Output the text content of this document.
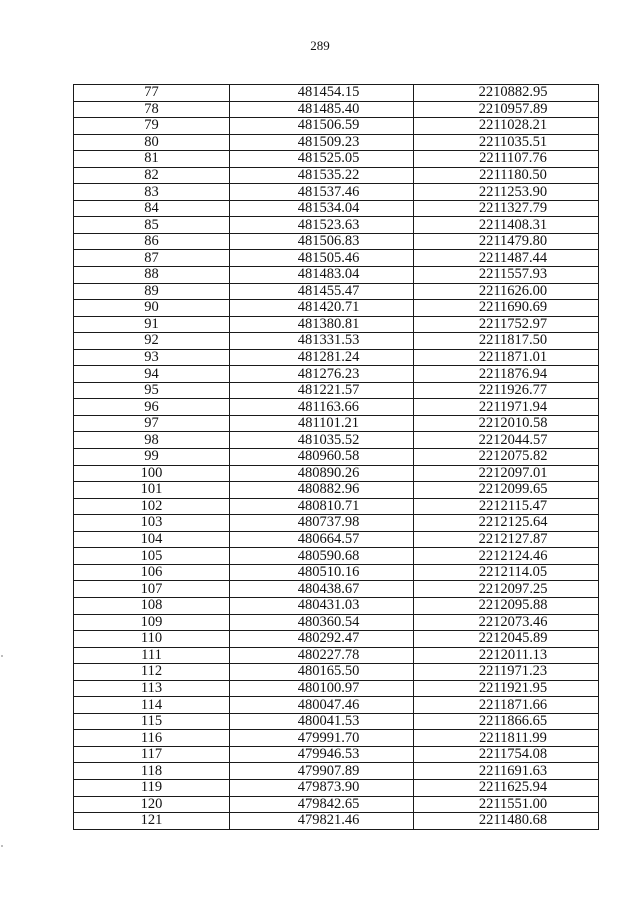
289
77	481454.15	2210882.95
78	481485.40	2210957.89
79	481506.59	2211028.21
80	481509.23	2211035.51
81	481525.05	2211107.76
82	481535.22	2211180.50
83	481537.46	2211253.90
84	481534.04	2211327.79
85	481523.63	2211408.31
86	481506.83	2211479.80
87	481505.46	2211487.44
88	481483.04	2211557.93
89	481455.47	2211626.00
90	481420.71	2211690.69
91	481380.81	2211752.97
92	481331.53	2211817.50
93	481281.24	2211871.01
94	481276.23	2211876.94
95	481221.57	2211926.77
96	481163.66	2211971.94
97	481101.21	2212010.58
98	481035.52	2212044.57
99	480960.58	2212075.82
100	480890.26	2212097.01
101	480882.96	2212099.65
102	480810.71	2212115.47
103	480737.98	2212125.64
104	480664.57	2212127.87
105	480590.68	2212124.46
106	480510.16	2212114.05
107	480438.67	2212097.25
108	480431.03	2212095.88
109	480360.54	2212073.46
110	480292.47	2212045.89
111	480227.78	2212011.13
112	480165.50	2211971.23
113	480100.97	2211921.95
114	480047.46	2211871.66
115	480041.53	2211866.65
116	479991.70	2211811.99
117	479946.53	2211754.08
118	479907.89	2211691.63
119	479873.90	2211625.94
120	479842.65	2211551.00
121	479821.46	2211480.68
